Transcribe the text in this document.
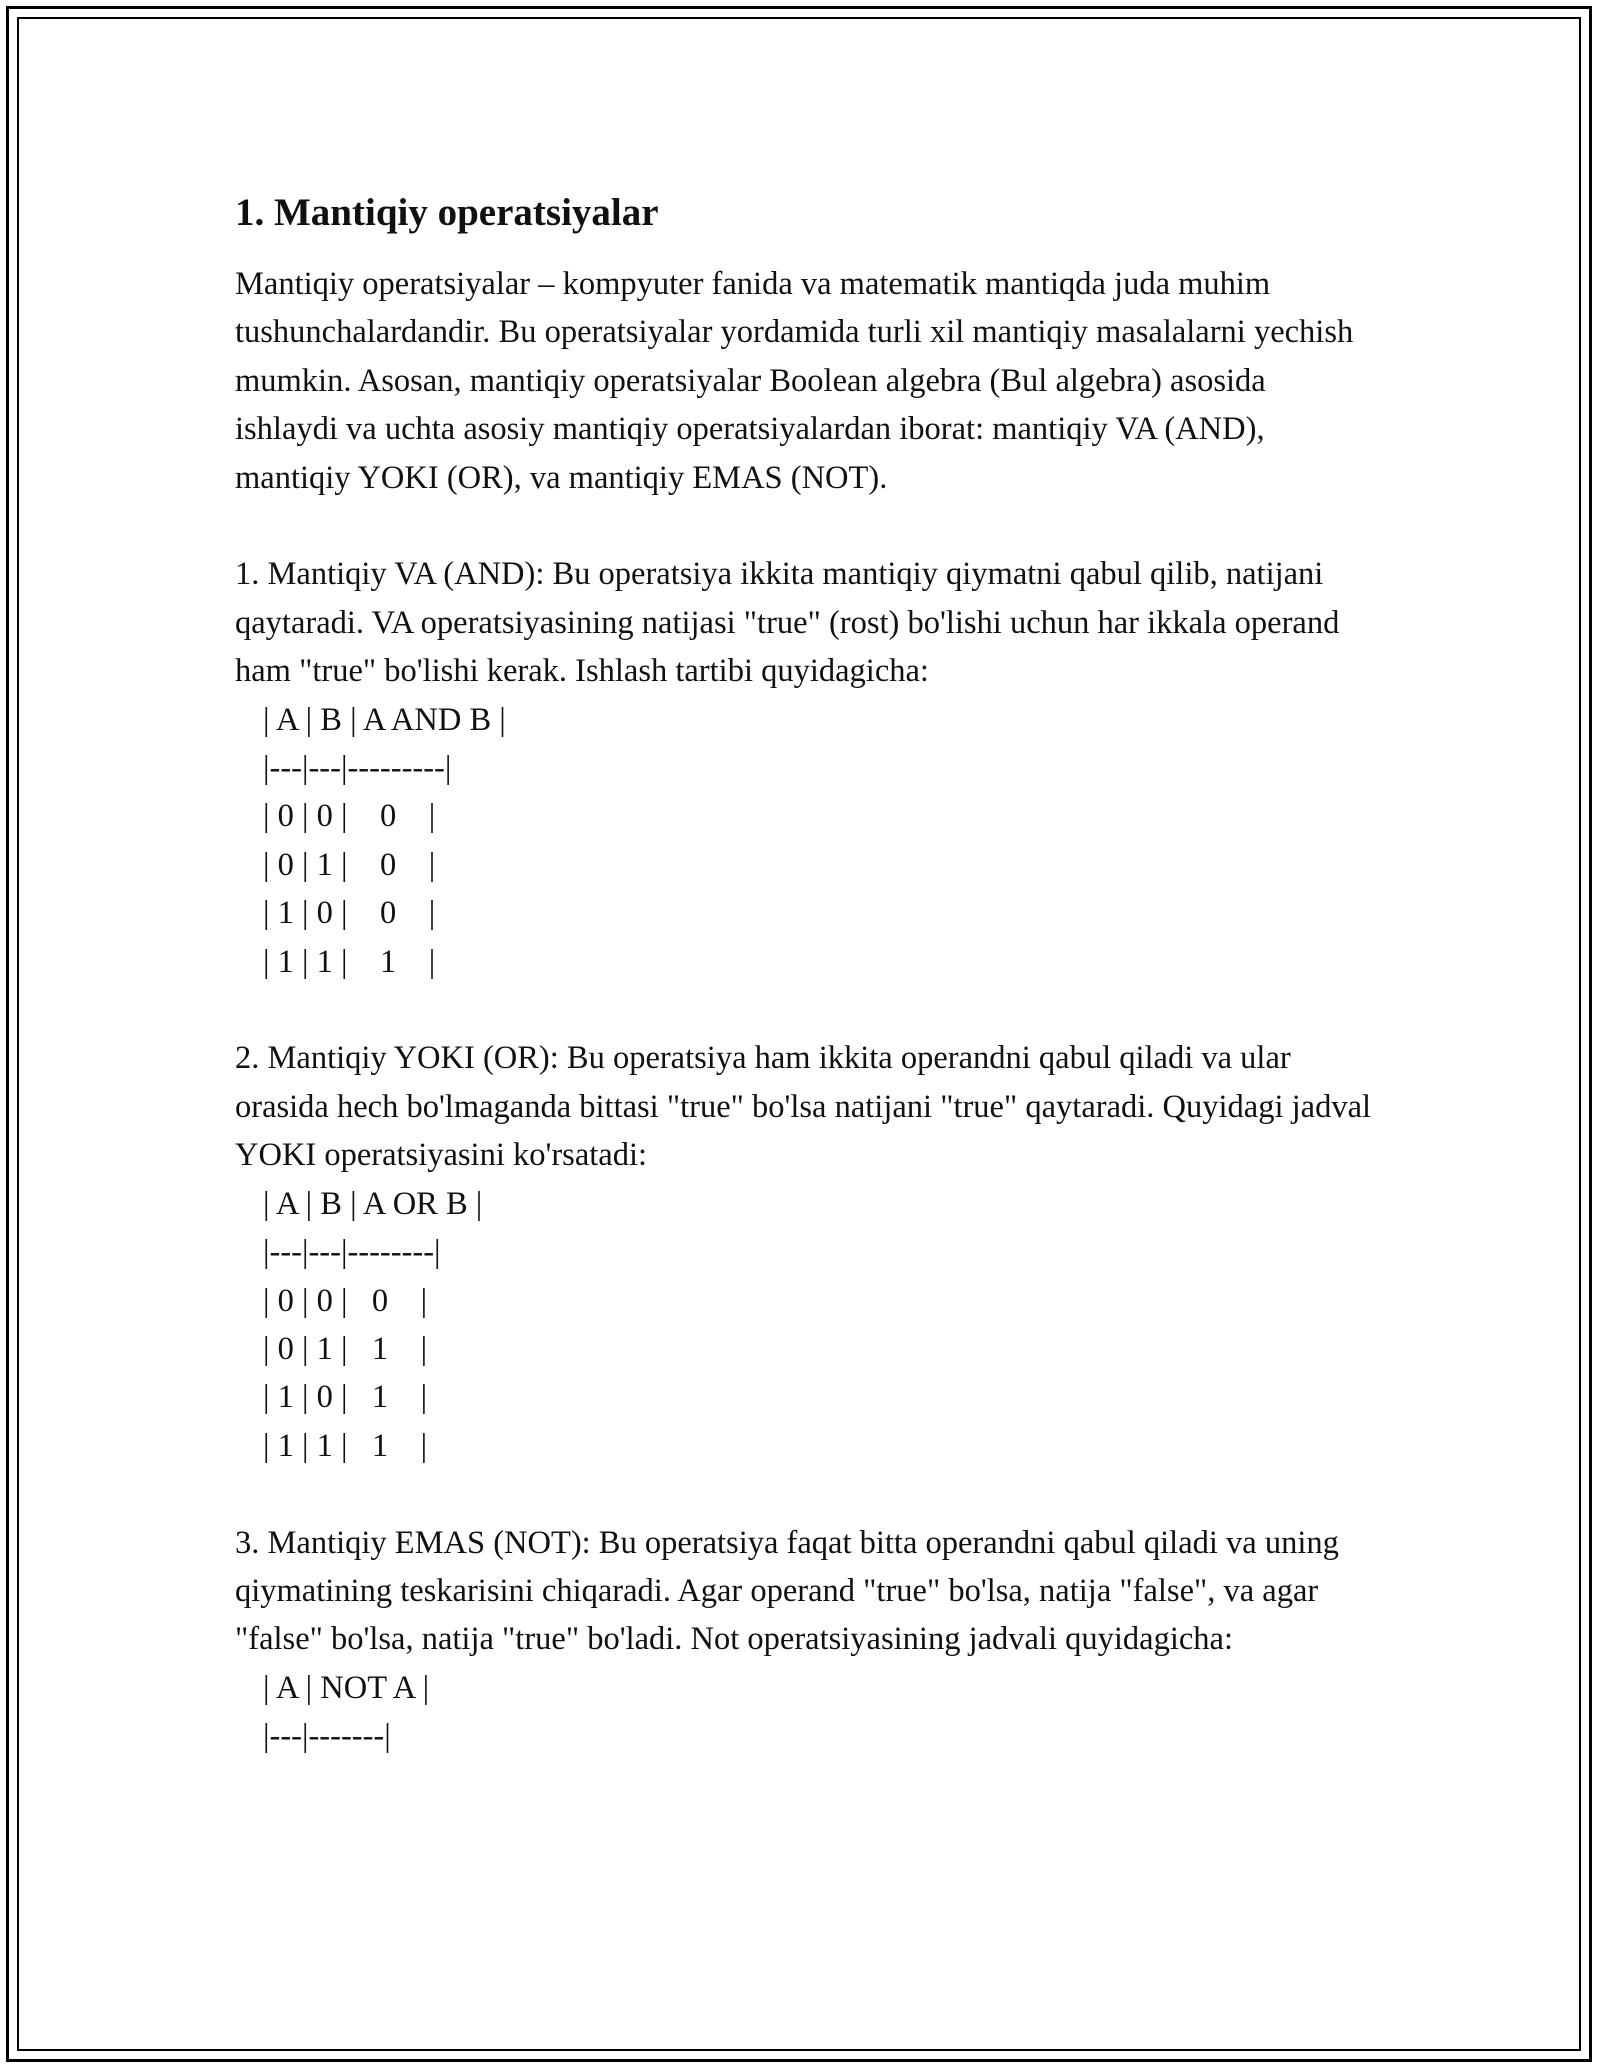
1. Mantiqiy operatsiyalar

Mantiqiy operatsiyalar – kompyuter fanida va matematik mantiqda juda muhim tushunchalardandir. Bu operatsiyalar yordamida turli xil mantiqiy masalalarni yechish mumkin. Asosan, mantiqiy operatsiyalar Boolean algebra (Bul algebra) asosida ishlaydi va uchta asosiy mantiqiy operatsiyalardan iborat: mantiqiy VA (AND), mantiqiy YOKI (OR), va mantiqiy EMAS (NOT).

1. Mantiqiy VA (AND): Bu operatsiya ikkita mantiqiy qiymatni qabul qilib, natijani qaytaradi. VA operatsiyasining natijasi "true" (rost) bo'lishi uchun har ikkala operand ham "true" bo'lishi kerak. Ishlash tartibi quyidagicha:

| A | B | A AND B |

|---|---|---------|

| 0 | 0 |    0    |

| 0 | 1 |    0    |

| 1 | 0 |    0    |

| 1 | 1 |    1    |

2. Mantiqiy YOKI (OR): Bu operatsiya ham ikkita operandni qabul qiladi va ular orasida hech bo'lmaganda bittasi "true" bo'lsa natijani "true" qaytaradi. Quyidagi jadval YOKI operatsiyasini ko'rsatadi:

| A | B | A OR B |

|---|---|--------|

| 0 | 0 |   0    |

| 0 | 1 |   1    |

| 1 | 0 |   1    |

| 1 | 1 |   1    |

3. Mantiqiy EMAS (NOT): Bu operatsiya faqat bitta operandni qabul qiladi va uning qiymatining teskarisini chiqaradi. Agar operand "true" bo'lsa, natija "false", va agar "false" bo'lsa, natija "true" bo'ladi. Not operatsiyasining jadvali quyidagicha:

| A | NOT A |

|---|-------|
